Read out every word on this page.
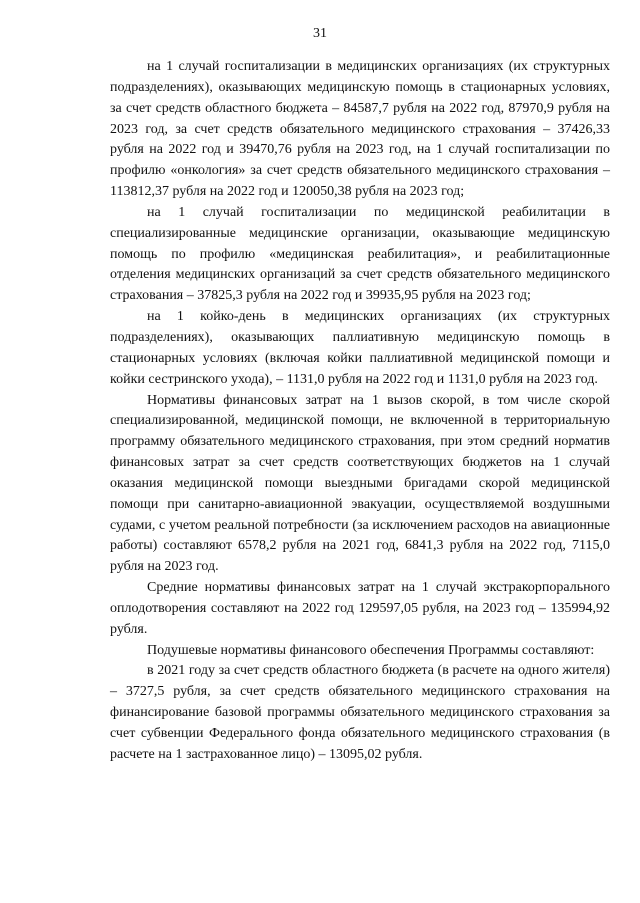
31

на 1 случай госпитализации в медицинских организациях (их структурных подразделениях), оказывающих медицинскую помощь в стационарных условиях, за счет средств областного бюджета – 84587,7 рубля на 2022 год, 87970,9 рубля на 2023 год, за счет средств обязательного медицинского страхования – 37426,33 рубля на 2022 год и 39470,76 рубля на 2023 год, на 1 случай госпитализации по профилю «онкология» за счет средств обязательного медицинского страхования – 113812,37 рубля на 2022 год и 120050,38 рубля на 2023 год;

на 1 случай госпитализации по медицинской реабилитации в специализированные медицинские организации, оказывающие медицинскую помощь по профилю «медицинская реабилитация», и реабилитационные отделения медицинских организаций за счет средств обязательного медицинского страхования – 37825,3 рубля на 2022 год и 39935,95 рубля на 2023 год;

на 1 койко-день в медицинских организациях (их структурных подразделениях), оказывающих паллиативную медицинскую помощь в стационарных условиях (включая койки паллиативной медицинской помощи и койки сестринского ухода), – 1131,0 рубля на 2022 год и 1131,0 рубля на 2023 год.

Нормативы финансовых затрат на 1 вызов скорой, в том числе скорой специализированной, медицинской помощи, не включенной в территориальную программу обязательного медицинского страхования, при этом средний норматив финансовых затрат за счет средств соответствующих бюджетов на 1 случай оказания медицинской помощи выездными бригадами скорой медицинской помощи при санитарно-авиационной эвакуации, осуществляемой воздушными судами, с учетом реальной потребности (за исключением расходов на авиационные работы) составляют 6578,2 рубля на 2021 год, 6841,3 рубля на 2022 год, 7115,0 рубля на 2023 год.

Средние нормативы финансовых затрат на 1 случай экстракорпорального оплодотворения составляют на 2022 год 129597,05 рубля, на 2023 год – 135994,92 рубля.

Подушевые нормативы финансового обеспечения Программы составляют:

в 2021 году за счет средств областного бюджета (в расчете на одного жителя) – 3727,5 рубля, за счет средств обязательного медицинского страхования на финансирование базовой программы обязательного медицинского страхования за счет субвенции Федерального фонда обязательного медицинского страхования (в расчете на 1 застрахованное лицо) – 13095,02 рубля.
